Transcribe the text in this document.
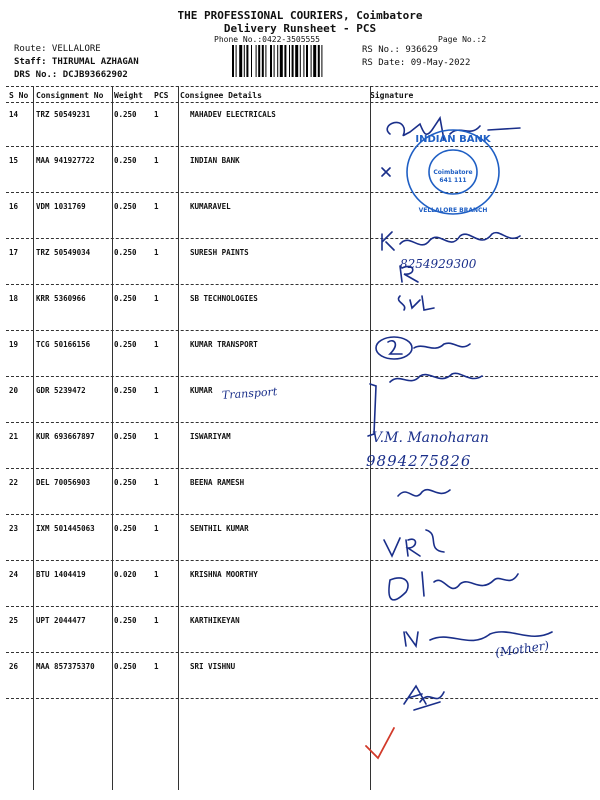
THE PROFESSIONAL COURIERS, Coimbatore
Delivery Runsheet - PCS
Phone No.:0422-3505555	Page No.:2
Route: VELLALORE
Staff: THIRUMAL AZHAGAN
DRS No.: DCJB93662902
RS No.: 936629
RS Date: 09-May-2022
S No Consignment No Weight PCS Consignee Details	Signature
14 TRZ 50549231	0.250 1	MAHADEV ELECTRICALS
15 MAA 941927722	0.250 1	INDIAN BANK
16 VDM 1031769	0.250 1	KUMARAVEL
17 TRZ 50549034	0.250 1	SURESH PAINTS
18 KRR 5360966	0.250 1	SB TECHNOLOGIES
19 TCG 50166156	0.250 1	KUMAR TRANSPORT
20 GDR 5239472	0.250 1	KUMAR
21 KUR 693667897	0.250 1	ISWARIYAM
22 DEL 70056903	0.250 1	BEENA RAMESH
23 IXM 501445063	0.250 1	SENTHIL KUMAR
24 BTU 1404419	0.020 1	KRISHNA MOORTHY
25 UPT 2044477	0.250 1	KARTHIKEYAN
26 MAA 857375370	0.250 1	SRI VISHNU
Transport
V.M. Manoharan
9894275826
8254929300
(Mother)
INDIAN BANK
VELLALORE BRANCH
Coimbatore
641 111
